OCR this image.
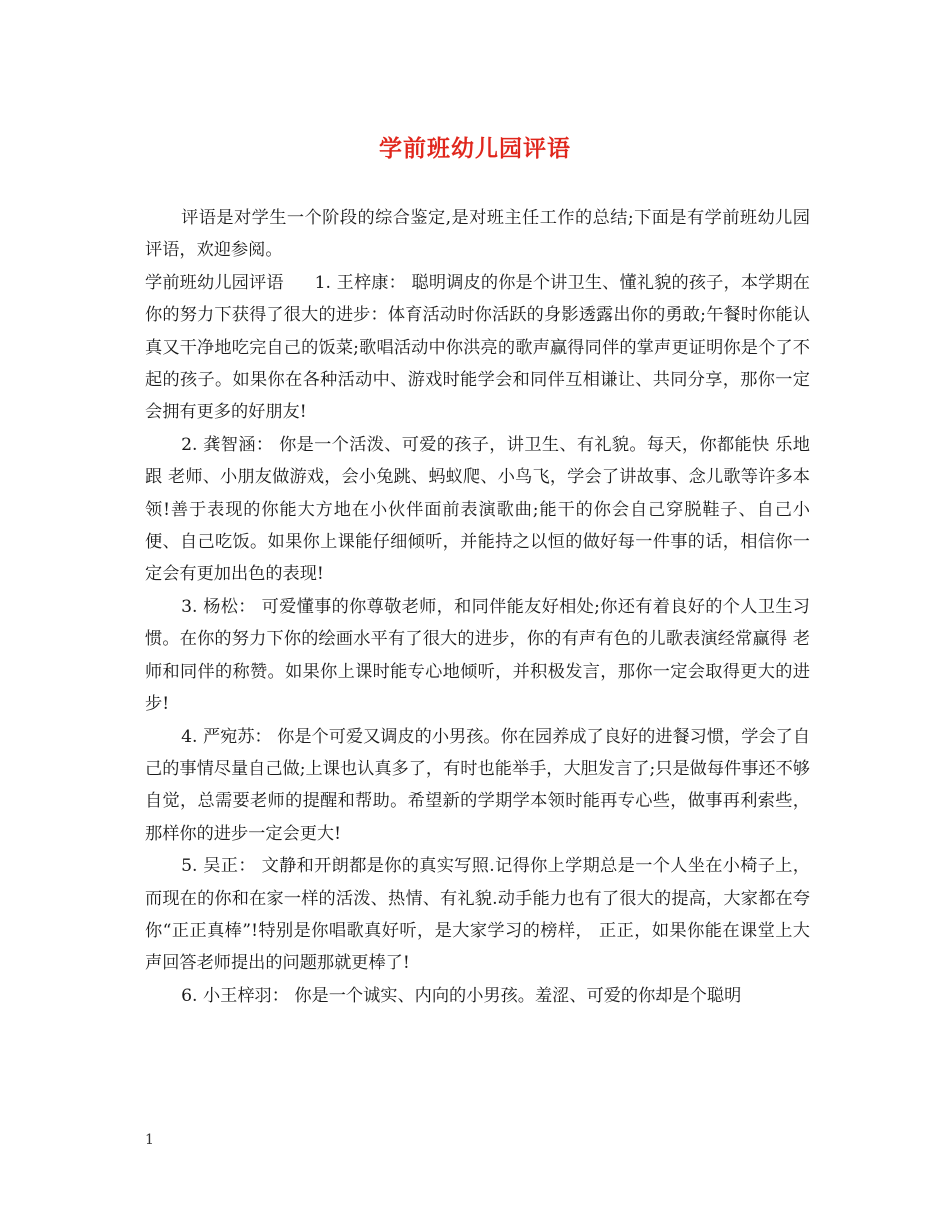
学前班幼儿园评语

评语是对学生一个阶段的综合鉴定,是对班主任工作的总结;下面是有学前班幼儿园评语，欢迎参阅。

学前班幼儿园评语 1. 王梓康： 聪明调皮的你是个讲卫生、懂礼貌的孩子，本学期在你的努力下获得了很大的进步：体育活动时你活跃的身影透露出你的勇敢;午餐时你能认真又干净地吃完自己的饭菜;歌唱活动中你洪亮的歌声赢得同伴的掌声更证明你是个了不起的孩子。如果你在各种活动中、游戏时能学会和同伴互相谦让、共同分享，那你一定会拥有更多的好朋友!

2. 龚智涵： 你是一个活泼、可爱的孩子，讲卫生、有礼貌。每天，你都能快 乐地跟 老师、小朋友做游戏，会小兔跳、蚂蚁爬、小鸟飞，学会了讲故事、念儿歌等许多本领!善于表现的你能大方地在小伙伴面前表演歌曲;能干的你会自己穿脱鞋子、自己小便、自己吃饭。如果你上课能仔细倾听，并能持之以恒的做好每一件事的话，相信你一定会有更加出色的表现!

3. 杨松： 可爱懂事的你尊敬老师，和同伴能友好相处;你还有着良好的个人卫生习惯。在你的努力下你的绘画水平有了很大的进步，你的有声有色的儿歌表演经常赢得 老师和同伴的称赞。如果你上课时能专心地倾听，并积极发言，那你一定会取得更大的进步!

4. 严宛苏： 你是个可爱又调皮的小男孩。你在园养成了良好的进餐习惯，学会了自己的事情尽量自己做;上课也认真多了，有时也能举手，大胆发言了;只是做每件事还不够自觉，总需要老师的提醒和帮助。希望新的学期学本领时能再专心些，做事再利索些，那样你的进步一定会更大!

5. 吴正： 文静和开朗都是你的真实写照.记得你上学期总是一个人坐在小椅子上，而现在的你和在家一样的活泼、热情、有礼貌.动手能力也有了很大的提高，大家都在夸你“正正真棒”!特别是你唱歌真好听，是大家学习的榜样， 正正，如果你能在课堂上大声回答老师提出的问题那就更棒了!

6. 小王梓羽： 你是一个诚实、内向的小男孩。羞涩、可爱的你却是个聪明

1
